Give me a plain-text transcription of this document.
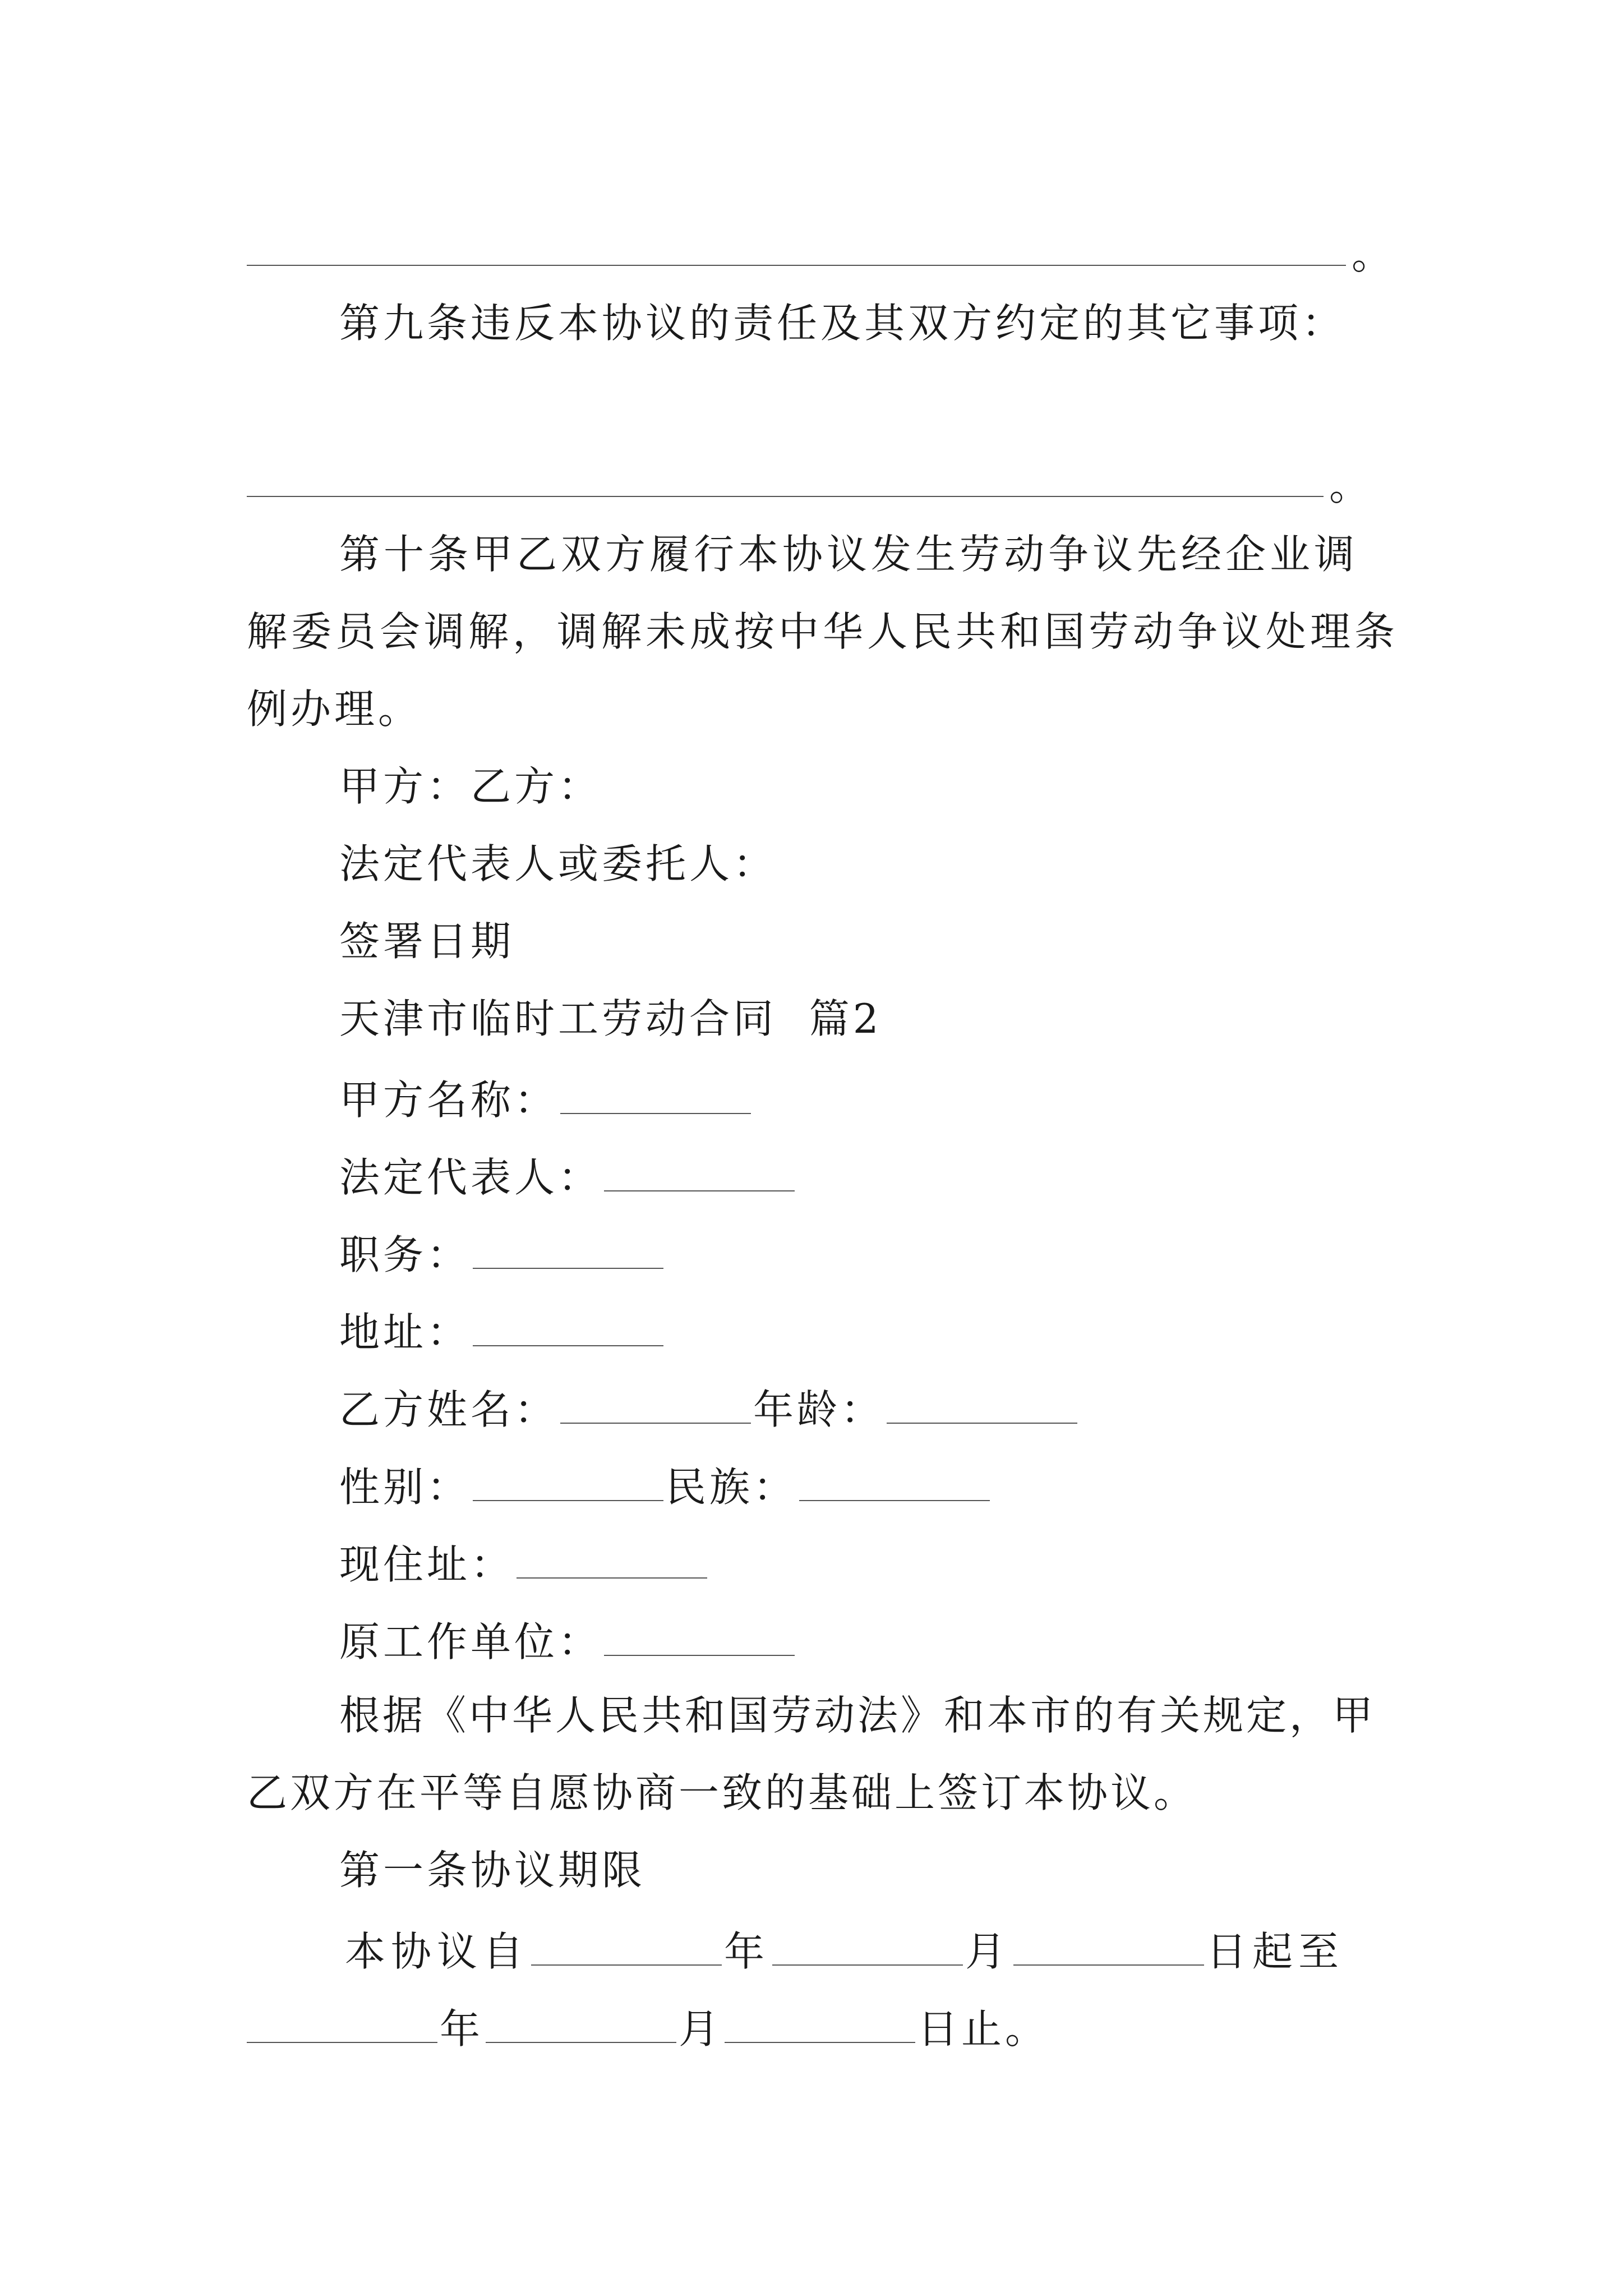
。
第九条违反本协议的责任及其双方约定的其它事项：
。
第十条甲乙双方履行本协议发生劳动争议先经企业调
解委员会调解，调解未成按中华人民共和国劳动争议处理条
例办理。
甲方：乙方：
法定代表人或委托人：
签署日期
天津市临时工劳动合同  篇2
甲方名称：
法定代表人：
职务：
地址：
乙方姓名：	年龄：
性别：	民族：
现住址：
原工作单位：
根据《中华人民共和国劳动法》和本市的有关规定，甲
乙双方在平等自愿协商一致的基础上签订本协议。
第一条协议期限
本协议自	年	月	日起至
年	月	日止。
